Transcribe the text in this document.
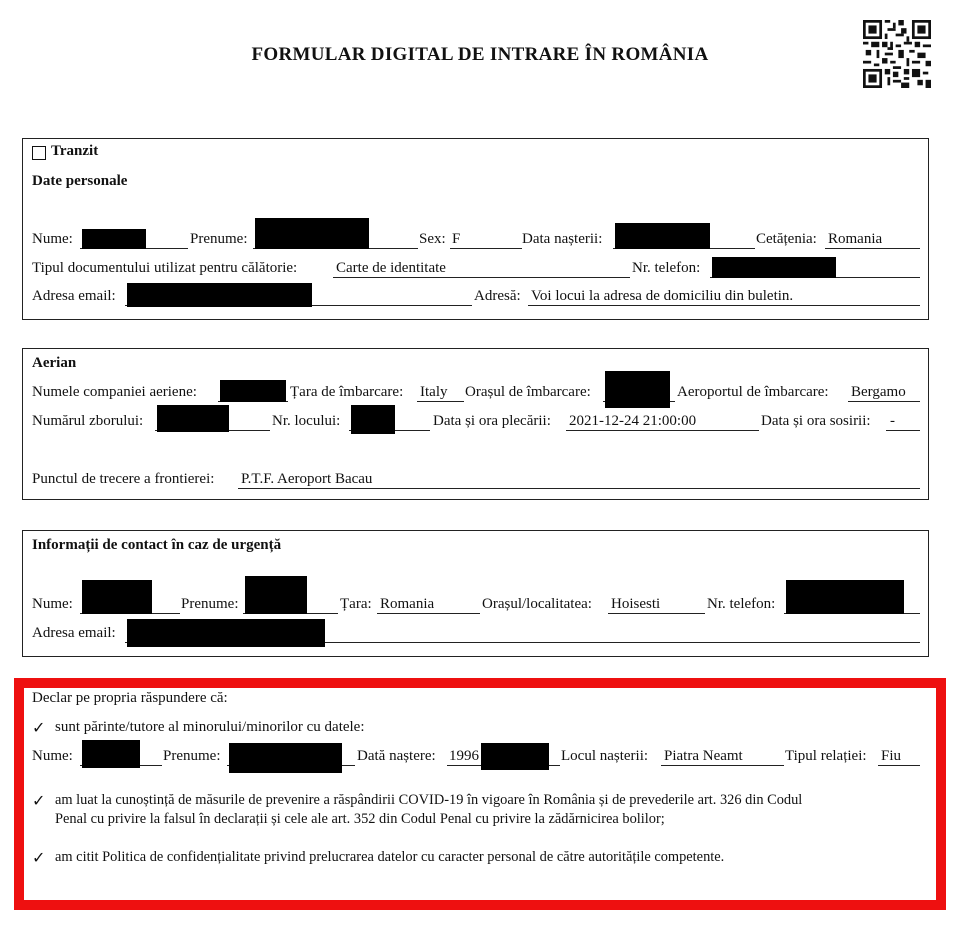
FORMULAR DIGITAL DE INTRARE ÎN ROMÂNIA
Tranzit
Date personale
Nume:	Prenume:	Sex: F	Data nașterii:	Cetățenia: Romania
Tipul documentului utilizat pentru călătorie:	Carte de identitate	Nr. telefon:
Adresa email:	Adresă: Voi locui la adresa de domiciliu din buletin.
Aerian
Numele companiei aeriene:	Țara de îmbarcare: Italy Orașul de îmbarcare:	Aeroportul de îmbarcare: Bergamo
Numărul zborului:	Nr. locului:	Data și ora plecării: 2021-12-24 21:00:00	Data și ora sosirii: -
Punctul de trecere a frontierei: P.T.F. Aeroport Bacau
Informații de contact în caz de urgență
Nume:	Prenume:	Țara: Romania	Orașul/localitatea: Hoisesti	Nr. telefon:
Adresa email:
Declar pe propria răspundere că:
✓ sunt părinte/tutore al minorului/minorilor cu datele:
Nume:	Prenume:	Dată naștere: 1996	Locul nașterii: Piatra Neamt	Tipul relației: Fiu
✓ am luat la cunoștință de măsurile de prevenire a răspândirii COVID-19 în vigoare în România și de prevederile art. 326 din Codul
Penal cu privire la falsul în declarații și cele ale art. 352 din Codul Penal cu privire la zădărnicirea bolilor;
✓ am citit Politica de confidențialitate privind prelucrarea datelor cu caracter personal de către autoritățile competente.
